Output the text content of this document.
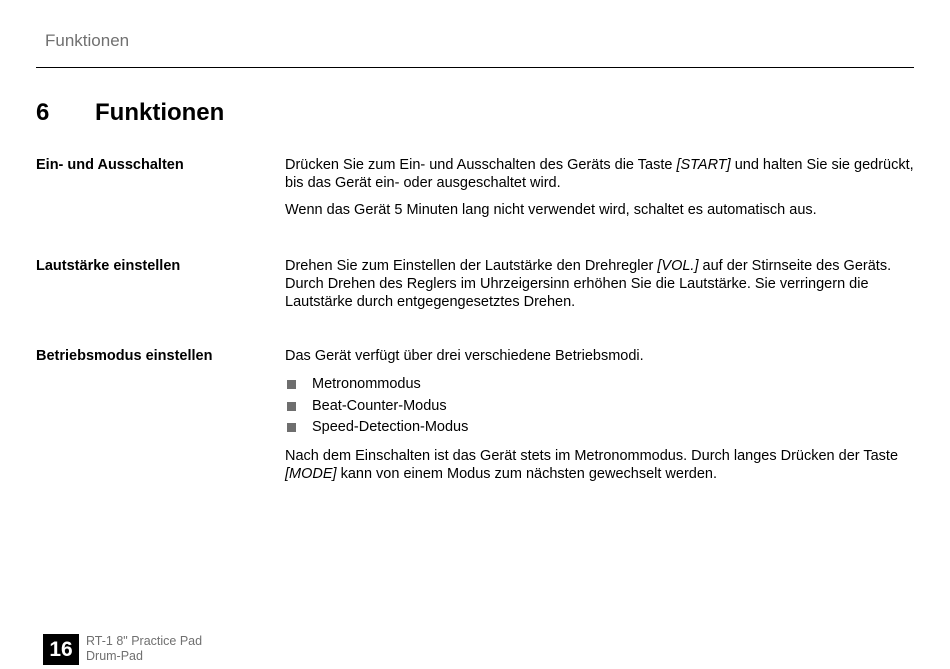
Funktionen
6 Funktionen
Ein- und Ausschalten	Drücken Sie zum Ein- und Ausschalten des Geräts die Taste [START] und halten Sie sie gedrückt, bis das Gerät ein- oder ausgeschaltet wird.

Wenn das Gerät 5 Minuten lang nicht verwendet wird, schaltet es automatisch aus.

Lautstärke einstellen	Drehen Sie zum Einstellen der Lautstärke den Drehregler [VOL.] auf der Stirnseite des Geräts. Durch Drehen des Reglers im Uhrzeigersinn erhöhen Sie die Lautstärke. Sie verringern die Lautstärke durch entgegengesetztes Drehen.

Betriebsmodus einstellen	Das Gerät verfügt über drei verschiedene Betriebsmodi.

Metronommodus
Beat-Counter-Modus
Speed-Detection-Modus

Nach dem Einschalten ist das Gerät stets im Metronommodus. Durch langes Drücken der Taste [MODE] kann von einem Modus zum nächsten gewechselt werden.

16	RT-1 8" Practice Pad
Drum-Pad
